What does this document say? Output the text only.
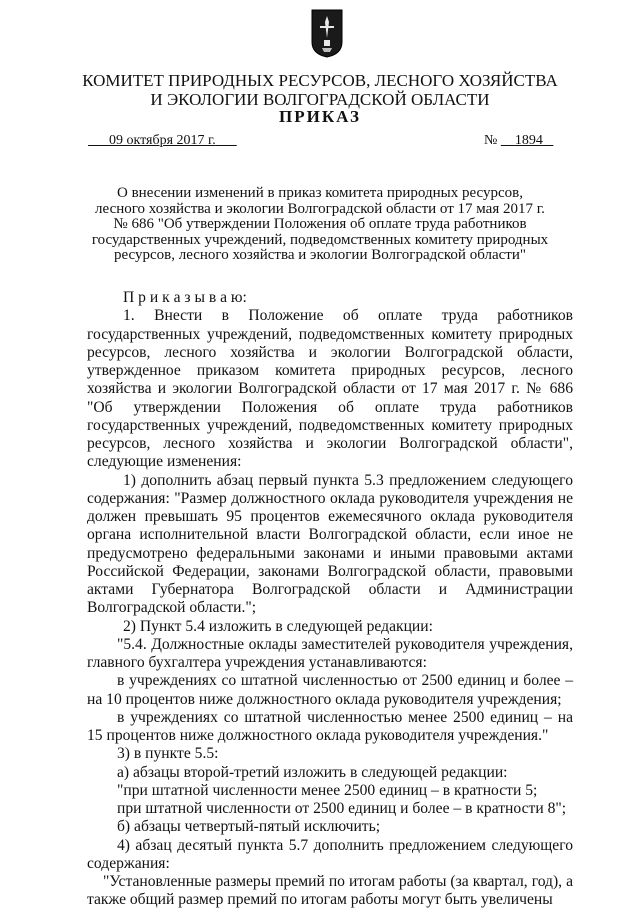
КОМИТЕТ ПРИРОДНЫХ РЕСУРСОВ, ЛЕСНОГО ХОЗЯЙСТВА
И ЭКОЛОГИИ ВОЛГОГРАДСКОЙ ОБЛАСТИ
ПРИКАЗ
09 октября 2017 г.	№ 1894
О внесении изменений в приказ комитета природных ресурсов,
лесного хозяйства и экологии Волгоградской области от 17 мая 2017 г.
№ 686 "Об утверждении Положения об оплате труда работников
государственных учреждений, подведомственных комитету природных
ресурсов, лесного хозяйства и экологии Волгоградской области"

П р и к а з ы в а ю:

1. Внести в Положение об оплате труда работников государственных учреждений, подведомственных комитету природных ресурсов, лесного хозяйства и экологии Волгоградской области, утвержденное приказом комитета природных ресурсов, лесного хозяйства и экологии Волгоградской области от 17 мая 2017 г. № 686 "Об утверждении Положения об оплате труда работников государственных учреждений, подведомственных комитету природных ресурсов, лесного хозяйства и экологии Волгоградской области", следующие изменения:

1) дополнить абзац первый пункта 5.3 предложением следующего содержания: "Размер должностного оклада руководителя учреждения не должен превышать 95 процентов ежемесячного оклада руководителя органа исполнительной власти Волгоградской области, если иное не предусмотрено федеральными законами и иными правовыми актами Российской Федерации, законами Волгоградской области, правовыми актами Губернатора Волгоградской области и Администрации Волгоградской области.";

2) Пункт 5.4 изложить в следующей редакции:

"5.4. Должностные оклады заместителей руководителя учреждения, главного бухгалтера учреждения устанавливаются:

в учреждениях со штатной численностью от 2500 единиц и более – на 10 процентов ниже должностного оклада руководителя учреждения;

в учреждениях со штатной численностью менее 2500 единиц – на 15 процентов ниже должностного оклада руководителя учреждения."

3) в пункте 5.5:

а) абзацы второй-третий изложить в следующей редакции:

"при штатной численности менее 2500 единиц – в кратности 5;

при штатной численности от 2500 единиц и более – в кратности 8";

б) абзацы четвертый-пятый исключить;

4) абзац десятый пункта 5.7 дополнить предложением следующего содержания:

"Установленные размеры премий по итогам работы (за квартал, год), а также общий размер премий по итогам работы могут быть увеличены
